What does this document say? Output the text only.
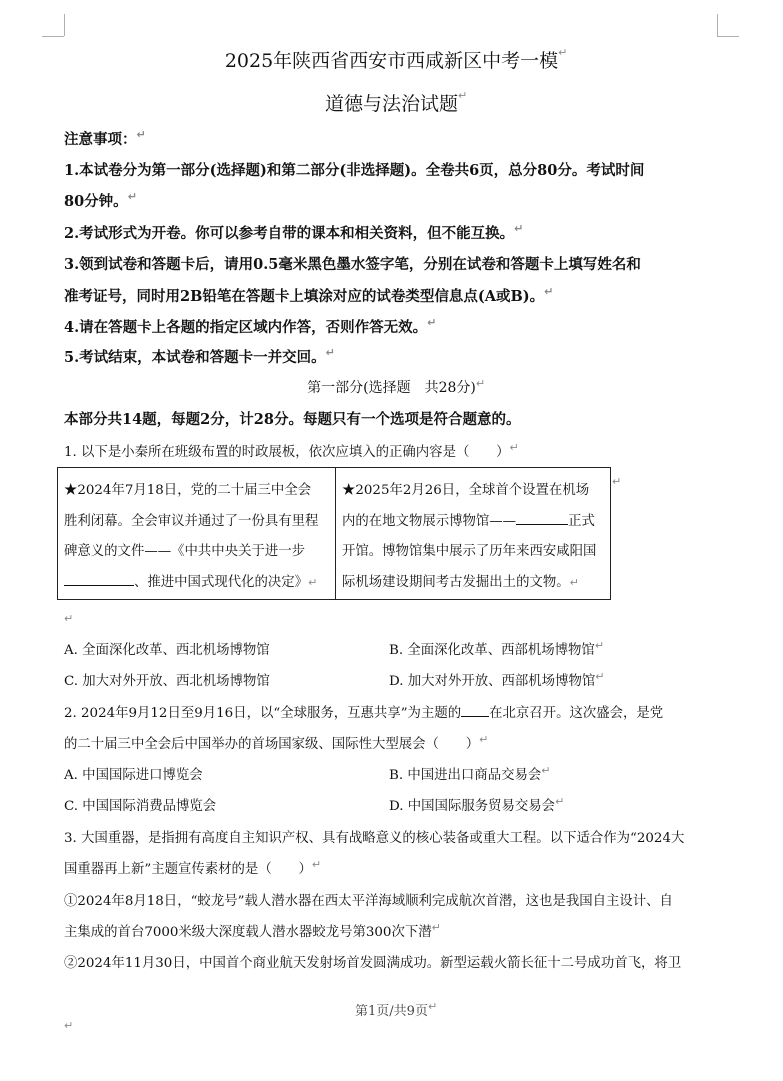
2025年陕西省西安市西咸新区中考一模 ↵
道德与法治试题 ↵
注意事项： ↵
1.本试卷分为第一部分(选择题)和第二部分(非选择题)。全卷共6页，总分80分。考试时间
80分钟。 ↵
2.考试形式为开卷。你可以参考自带的课本和相关资料，但不能互换。 ↵
3.领到试卷和答题卡后，请用0.5毫米黑色墨水签字笔，分别在试卷和答题卡上填写姓名和
准考证号，同时用2B铅笔在答题卡上填涂对应的试卷类型信息点(A或B)。 ↵
4.请在答题卡上各题的指定区域内作答，否则作答无效。 ↵
5.考试结束，本试卷和答题卡一并交回。 ↵
第一部分(选择题　共28分) ↵
本部分共14题，每题2分，计28分。每题只有一个选项是符合题意的。
1. 以下是小秦所在班级布置的时政展板，依次应填入的正确内容是（　　） ↵
★2024年7月18日，党的二十届三中全会
胜利闭幕。全会审议并通过了一份具有里程
碑意义的文件——《中共中央关于进一步
、推进中国式现代化的决定》 ↵

★2025年2月26日，全球首个设置在机场
内的在地文物展示博物馆——	正式
开馆。博物馆集中展示了历年来西安咸阳国
际机场建设期间考古发掘出土的文物。 ↵
↵
↵
A. 全面深化改革、西北机场博物馆	B. 全面深化改革、西部机场博物馆 ↵
C. 加大对外开放、西北机场博物馆	D. 加大对外开放、西部机场博物馆 ↵
2. 2024年9月12日至9月16日，以“全球服务，互惠共享”为主题的 在北京召开。这次盛会，是党
的二十届三中全会后中国举办的首场国家级、国际性大型展会（　　） ↵
A. 中国国际进口博览会	B. 中国进出口商品交易会 ↵
C. 中国国际消费品博览会	D. 中国国际服务贸易交易会 ↵
3. 大国重器，是指拥有高度自主知识产权、具有战略意义的核心装备或重大工程。以下适合作为“2024大
国重器再上新”主题宣传素材的是（　　） ↵
①2024年8月18日，“蛟龙号”载人潜水器在西太平洋海域顺利完成航次首潜，这也是我国自主设计、自
主集成的首台7000米级大深度载人潜水器蛟龙号第300次下潜 ↵
②2024年11月30日，中国首个商业航天发射场首发圆满成功。新型运载火箭长征十二号成功首飞，将卫
第1页/共9页 ↵
↵
